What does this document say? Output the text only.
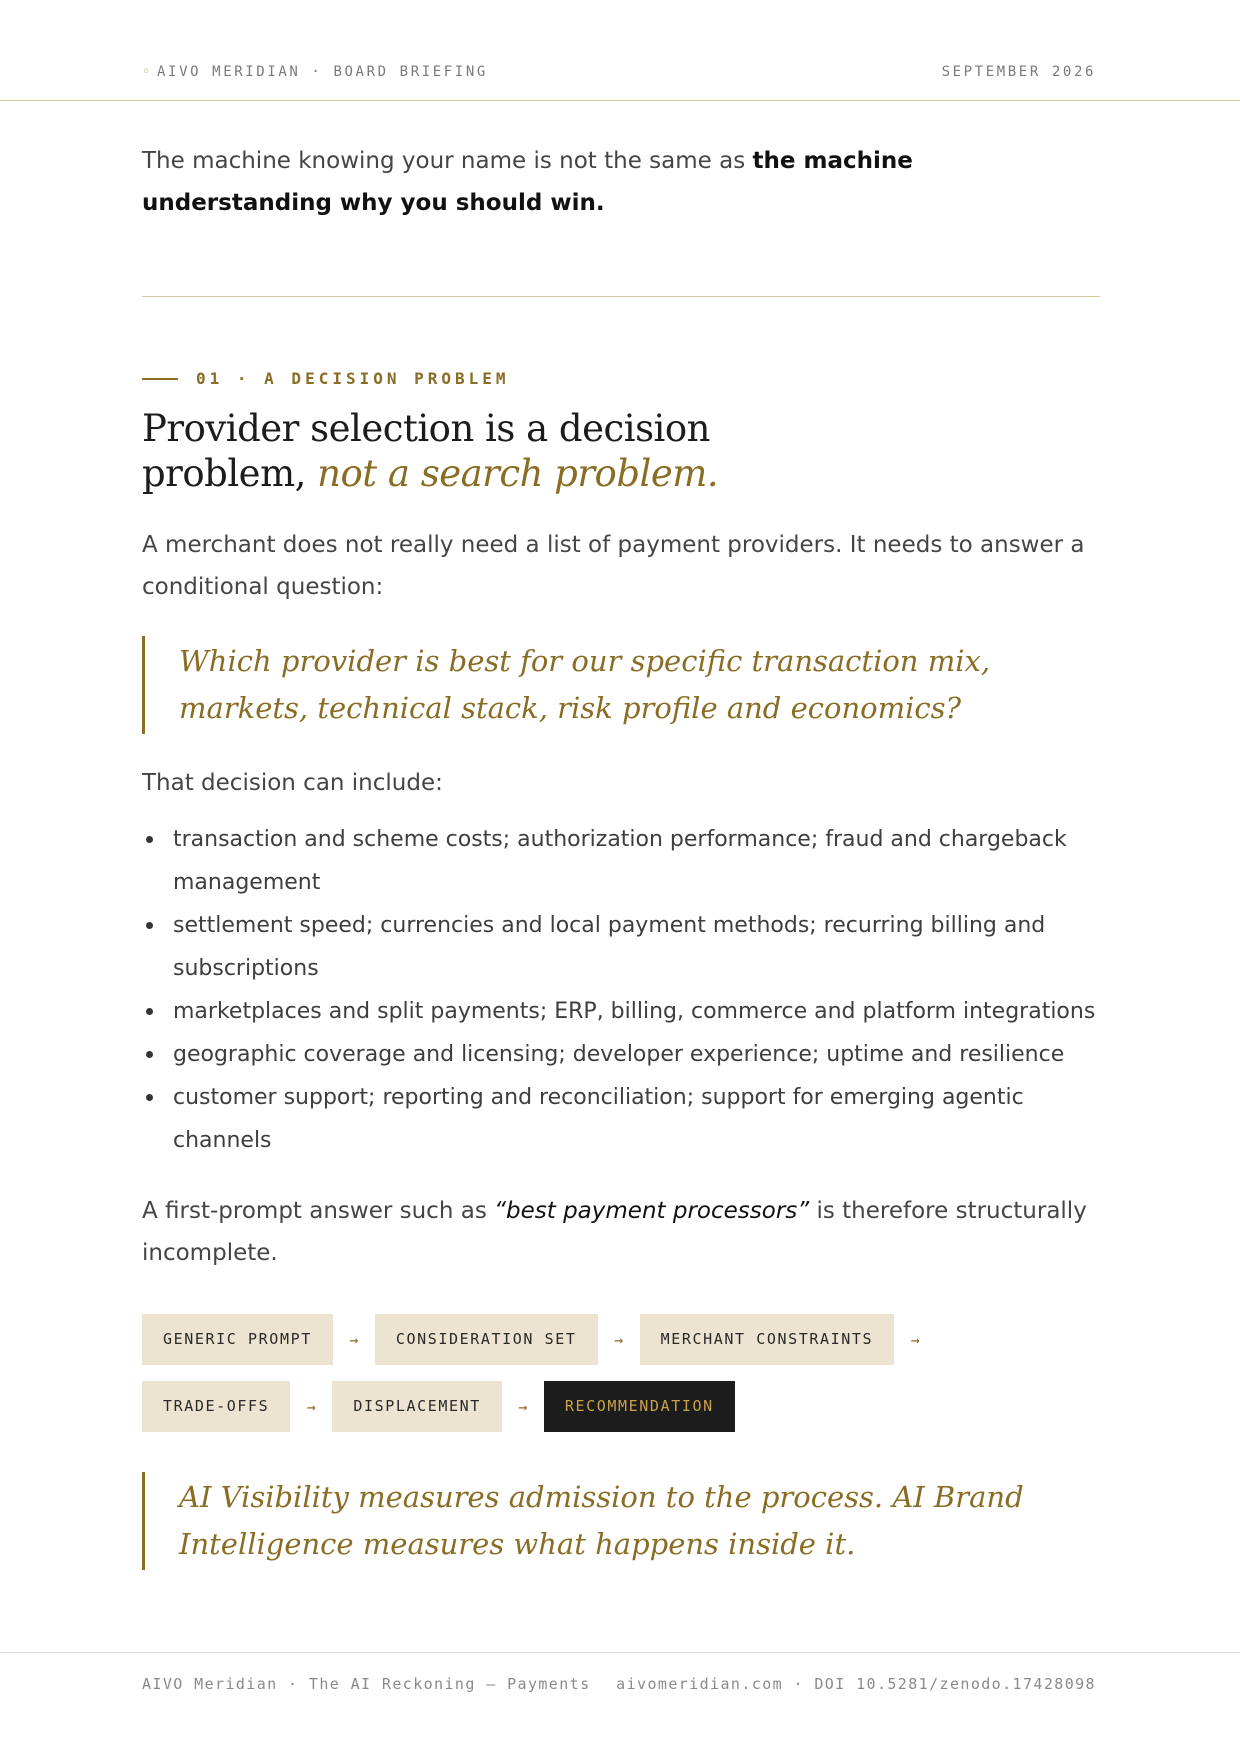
◦ AIVO MERIDIAN · BOARD BRIEFING	SEPTEMBER 2026

The machine knowing your name is not the same as the machine understanding why you should win.

01 · A DECISION PROBLEM
Provider selection is a decision
problem, not a search problem.

A merchant does not really need a list of payment providers. It needs to answer a conditional question:

Which provider is best for our specific transaction mix, markets, technical stack, risk profile and economics?

That decision can include:

transaction and scheme costs; authorization performance; fraud and chargeback management
settlement speed; currencies and local payment methods; recurring billing and subscriptions
marketplaces and split payments; ERP, billing, commerce and platform integrations
geographic coverage and licensing; developer experience; uptime and resilience
customer support; reporting and reconciliation; support for emerging agentic channels

A first-prompt answer such as “best payment processors” is therefore structurally incomplete.

GENERIC PROMPT	→	CONSIDERATION SET	→	MERCHANT CONSTRAINTS	→
TRADE-OFFS	→	DISPLACEMENT	→	RECOMMENDATION
AI Visibility measures admission to the process. AI Brand Intelligence measures what happens inside it.
AIVO Meridian · The AI Reckoning — Payments aivomeridian.com · DOI 10.5281/zenodo.17428098
